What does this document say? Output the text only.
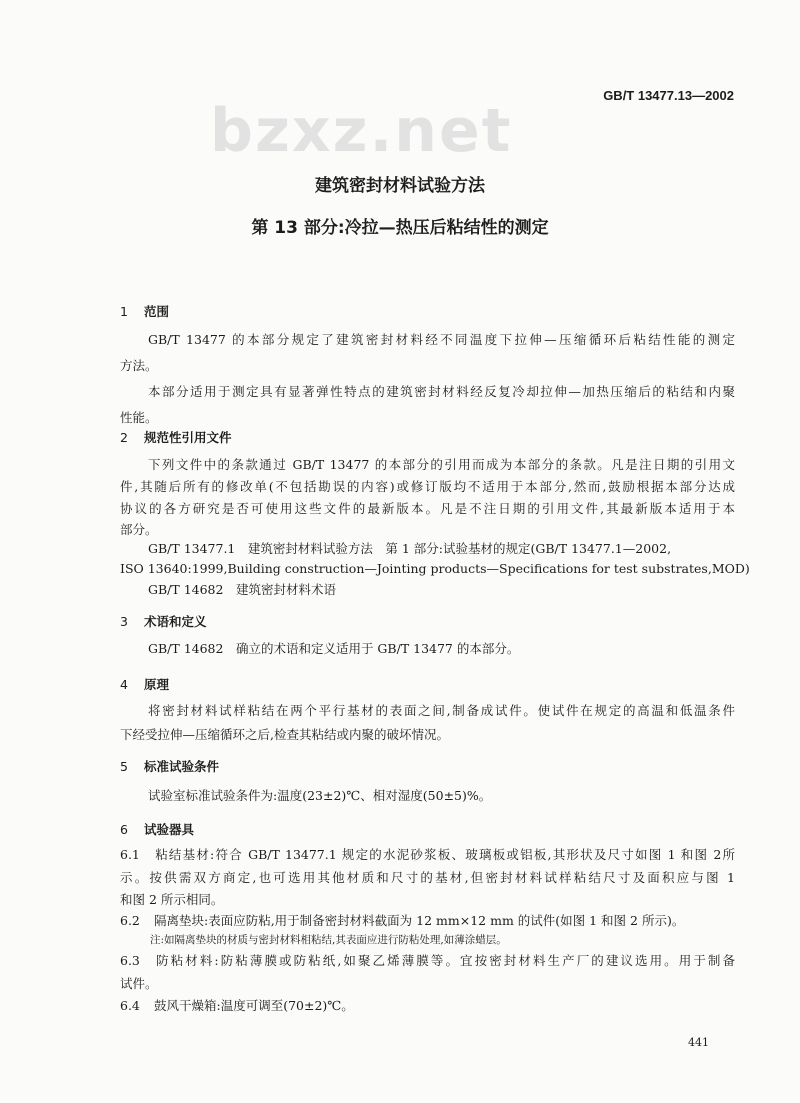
GB/T 13477.13—2002
bzxz.net
建筑密封材料试验方法
第 13 部分:冷拉—热压后粘结性的测定
1 范围
GB/T 13477 的本部分规定了建筑密封材料经不同温度下拉伸—压缩循环后粘结性能的测定
方法。
本部分适用于测定具有显著弹性特点的建筑密封材料经反复冷却拉伸—加热压缩后的粘结和内聚
性能。
2 规范性引用文件
下列文件中的条款通过 GB/T 13477 的本部分的引用而成为本部分的条款。凡是注日期的引用文
件,其随后所有的修改单(不包括勘误的内容)或修订版均不适用于本部分,然而,鼓励根据本部分达成
协议的各方研究是否可使用这些文件的最新版本。凡是不注日期的引用文件,其最新版本适用于本
部分。
GB/T 13477.1　建筑密封材料试验方法　第 1 部分:试验基材的规定(GB/T 13477.1—2002,
ISO 13640:1999,Building construction—Jointing products—Specifications for test substrates,MOD)
GB/T 14682　建筑密封材料术语
3 术语和定义
GB/T 14682　确立的术语和定义适用于 GB/T 13477 的本部分。
4 原理
将密封材料试样粘结在两个平行基材的表面之间,制备成试件。使试件在规定的高温和低温条件
下经受拉伸—压缩循环之后,检查其粘结或内聚的破坏情况。
5 标准试验条件
试验室标准试验条件为:温度(23±2)℃、相对湿度(50±5)%。
6 试验器具
6.1 粘结基材:符合 GB/T 13477.1 规定的水泥砂浆板、玻璃板或铝板,其形状及尺寸如图 1 和图 2所
示。按供需双方商定,也可选用其他材质和尺寸的基材,但密封材料试样粘结尺寸及面积应与图 1
和图 2 所示相同。
6.2 隔离垫块:表面应防粘,用于制备密封材料截面为 12 mm×12 mm 的试件(如图 1 和图 2 所示)。
注:如隔离垫块的材质与密封材料相粘结,其表面应进行防粘处理,如薄涂蜡层。
6.3 防粘材料:防粘薄膜或防粘纸,如聚乙烯薄膜等。宜按密封材料生产厂的建议选用。用于制备
试件。
6.4 鼓风干燥箱:温度可调至(70±2)℃。
441
